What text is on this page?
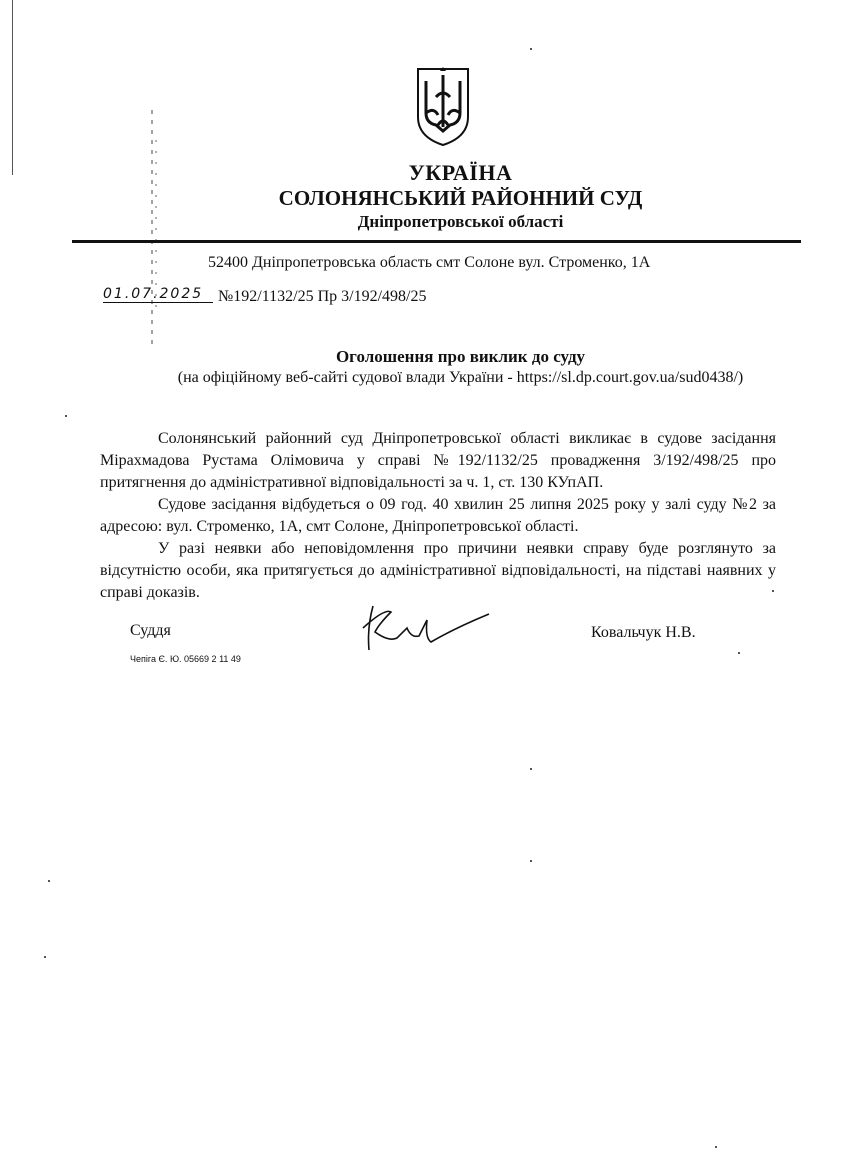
УКРАЇНА
СОЛОНЯНСЬКИЙ РАЙОННИЙ СУД
Дніпропетровської області
52400 Дніпропетровська область смт Солоне вул. Строменко, 1А
01.07.2025 №192/1132/25 Пр 3/192/498/25
Оголошення про виклик до суду
(на офіційному веб-сайті судової влади України - https://sl.dp.court.gov.ua/sud0438/)
Солонянський районний суд Дніпропетровської області викликає в судове засідання Мірахмадова Рустама Олімовича у справі №192/1132/25 провадження 3/192/498/25 про притягнення до адміністративної відповідальності за ч. 1, ст. 130 КУпАП.
Судове засідання відбудеться о 09 год. 40 хвилин 25 липня 2025 року у залі суду №2 за адресою: вул. Строменко, 1А, смт Солоне, Дніпропетровської області.
У разі неявки або неповідомлення про причини неявки справу буде розглянуто за відсутністю особи, яка притягується до адміністративної відповідальності, на підставі наявних у справі доказів.
Суддя	Ковальчук Н.В.
Чепіга Є. Ю. 05669 2 11 49
